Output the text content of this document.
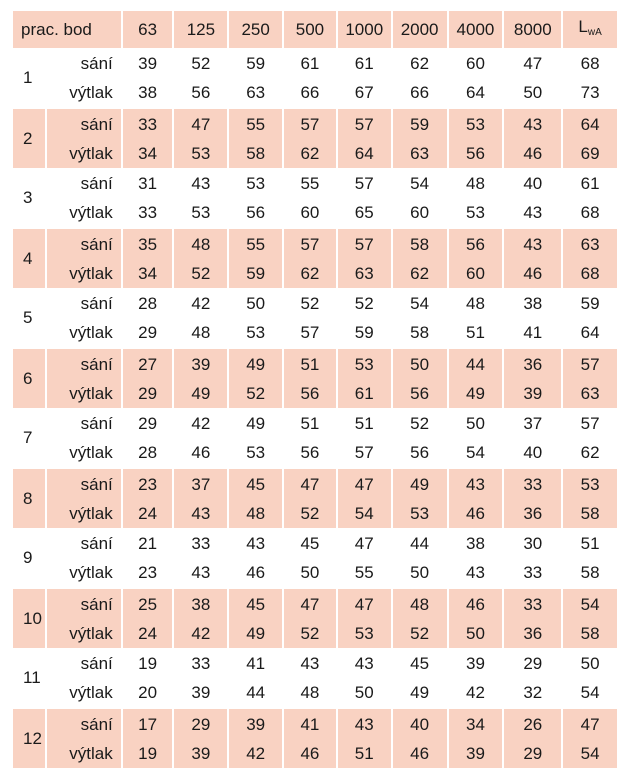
prac. bod		63	125	250	500	1000	2000	4000	8000	$L_{wA}$
1	sání	39	52	59	61	61	62	60	47	68
	výtlak	38	56	63	66	67	66	64	50	73
2	sání	33	47	55	57	57	59	53	43	64
	výtlak	34	53	58	62	64	63	56	46	69
3	sání	31	43	53	55	57	54	48	40	61
	výtlak	33	53	56	60	65	60	53	43	68
4	sání	35	48	55	57	57	58	56	43	63
	výtlak	34	52	59	62	63	62	60	46	68
5	sání	28	42	50	52	52	54	48	38	59
	výtlak	29	48	53	57	59	58	51	41	64
6	sání	27	39	49	51	53	50	44	36	57
	výtlak	29	49	52	56	61	56	49	39	63
7	sání	29	42	49	51	51	52	50	37	57
	výtlak	28	46	53	56	57	56	54	40	62
8	sání	23	37	45	47	47	49	43	33	53
	výtlak	24	43	48	52	54	53	46	36	58
9	sání	21	33	43	45	47	44	38	30	51
	výtlak	23	43	46	50	55	50	43	33	58
10	sání	25	38	45	47	47	48	46	33	54
	výtlak	24	42	49	52	53	52	50	36	58
11	sání	19	33	41	43	43	45	39	29	50
	výtlak	20	39	44	48	50	49	42	32	54
12	sání	17	29	39	41	43	40	34	26	47
	výtlak	19	39	42	46	51	46	39	29	54
